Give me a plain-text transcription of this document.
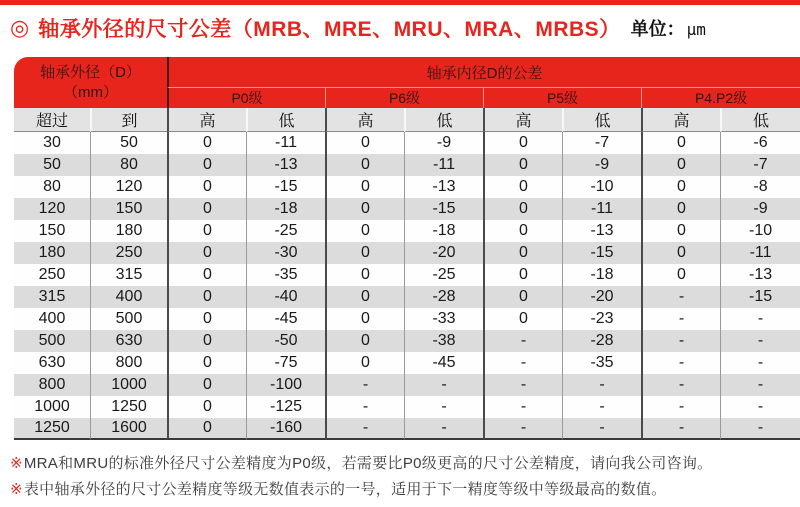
◎ 轴承外径的尺寸公差（MRB、MRE、MRU、MRA、MRBS） 单位： μm
轴承外径（D）
（mm）		轴承内径D的公差							
		P0级		P6级		P5级		P4.P2级	
超过	到	高	低	高	低	高	低	高	低
30	50	0	-11	0	-9	0	-7	0	-6
50	80	0	-13	0	-11	0	-9	0	-7
80	120	0	-15	0	-13	0	-10	0	-8
120	150	0	-18	0	-15	0	-11	0	-9
150	180	0	-25	0	-18	0	-13	0	-10
180	250	0	-30	0	-20	0	-15	0	-11
250	315	0	-35	0	-25	0	-18	0	-13
315	400	0	-40	0	-28	0	-20	-	-15
400	500	0	-45	0	-33	0	-23	-	-
500	630	0	-50	0	-38	-	-28	-	-
630	800	0	-75	0	-45	-	-35	-	-
800	1000	0	-100	-	-	-	-	-	-
1000	1250	0	-125	-	-	-	-	-	-
1250	1600	0	-160	-	-	-	-	-	-

※MRA和MRU的标准外径尺寸公差精度为P0级，若需要比P0级更高的尺寸公差精度，请向我公司咨询。

※表中轴承外径的尺寸公差精度等级无数值表示的一号，适用于下一精度等级中等级最高的数值。
